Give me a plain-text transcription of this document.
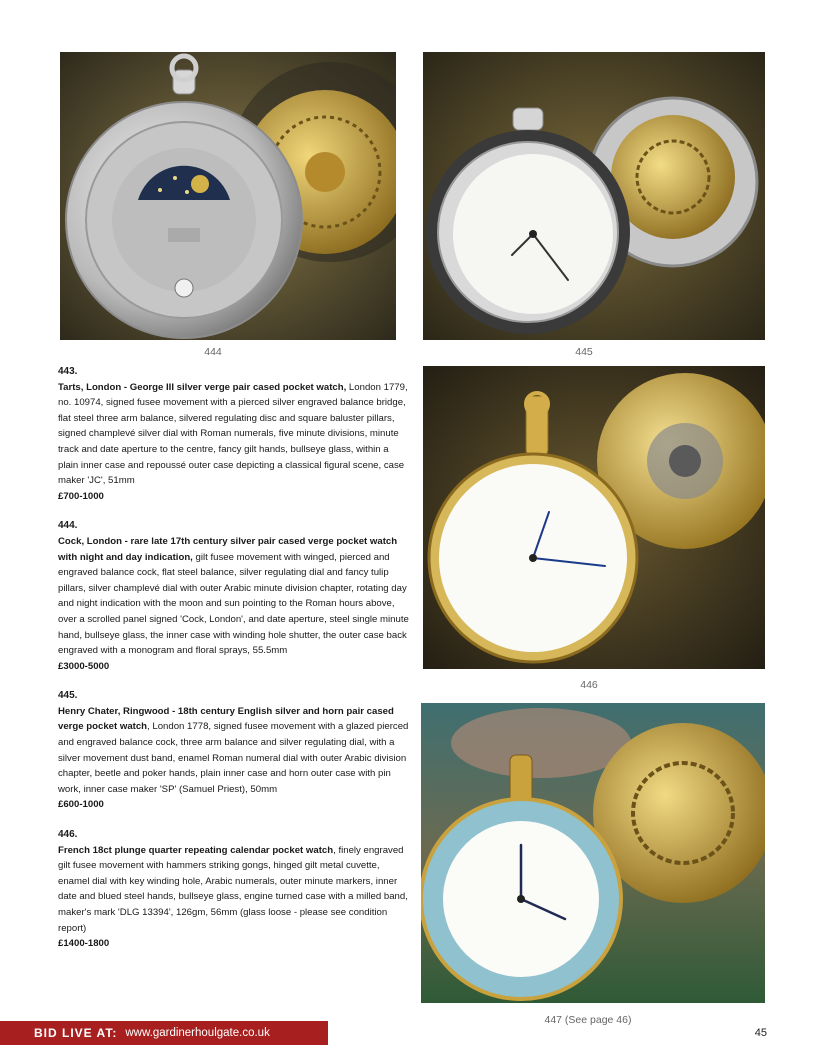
444	445
446
447 (See page 46)
443.
Tarts, London - George III silver verge pair cased pocket watch, London 1779, no. 10974, signed fusee movement with a pierced silver engraved balance bridge, flat steel three arm balance, silvered regulating disc and square baluster pillars, signed champlevé silver dial with Roman numerals, five minute divisions, minute track and date aperture to the centre, fancy gilt hands, bullseye glass, within a plain inner case and repoussé outer case depicting a classical figural scene, case maker 'JC', 51mm
£700-1000
444.
Cock, London - rare late 17th century silver pair cased verge pocket watch with night and day indication, gilt fusee movement with winged, pierced and engraved balance cock, flat steel balance, silver regulating dial and fancy tulip pillars, silver champlevé dial with outer Arabic minute division chapter, rotating day and night indication with the moon and sun pointing to the Roman hours above, over a scrolled panel signed 'Cock, London', and date aperture, steel single minute hand, bullseye glass, the inner case with winding hole shutter, the outer case back engraved with a monogram and floral sprays, 55.5mm
£3000-5000
445.
Henry Chater, Ringwood - 18th century English silver and horn pair cased verge pocket watch, London 1778, signed fusee movement with a glazed pierced and engraved balance cock, three arm balance and silver regulating dial, with a silver movement dust band, enamel Roman numeral dial with outer Arabic division chapter, beetle and poker hands, plain inner case and horn outer case with pin work, inner case maker 'SP' (Samuel Priest), 50mm
£600-1000
446.
French 18ct plunge quarter repeating calendar pocket watch, finely engraved gilt fusee movement with hammers striking gongs, hinged gilt metal cuvette, enamel dial with key winding hole, Arabic numerals, outer minute markers, inner date and blued steel hands, bullseye glass, engine turned case with a milled band, maker's mark 'DLG 13394', 126gm, 56mm (glass loose - please see condition report)
£1400-1800
BID LIVE AT: www.gardinerhoulgate.co.uk	45
